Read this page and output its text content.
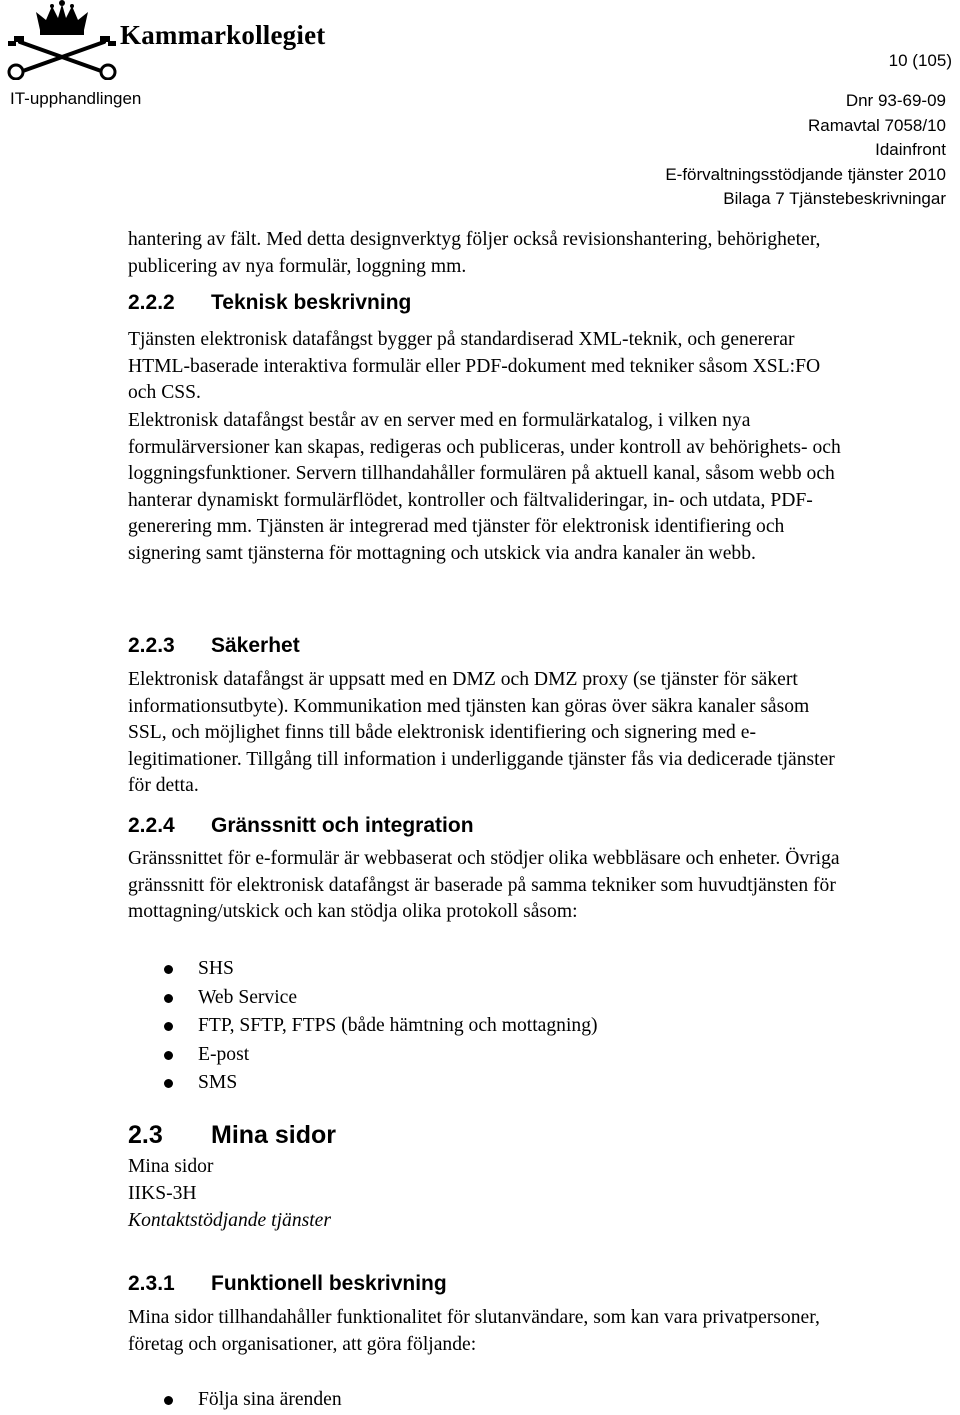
Kammarkollegiet
10 (105)
IT-upphandlingen	Dnr 93-69-09
Ramavtal 7058/10
Idainfront
E-förvaltningsstödjande tjänster 2010
Bilaga 7 Tjänstebeskrivningar

hantering av fält. Med detta designverktyg följer också revisionshantering, behörigheter, publicering av nya formulär, loggning mm.

2.2.2 Teknisk beskrivning

Tjänsten elektronisk datafångst bygger på standardiserad XML-teknik, och genererar HTML-baserade interaktiva formulär eller PDF-dokument med tekniker såsom XSL:FO och CSS.

Elektronisk datafångst består av en server med en formulärkatalog, i vilken nya formulärversioner kan skapas, redigeras och publiceras, under kontroll av behörighets- och loggningsfunktioner. Servern tillhandahåller formulären på aktuell kanal, såsom webb och hanterar dynamiskt formulärflödet, kontroller och fältvalideringar, in- och utdata, PDF-generering mm. Tjänsten är integrerad med tjänster för elektronisk identifiering och signering samt tjänsterna för mottagning och utskick via andra kanaler än webb.

2.2.3 Säkerhet

Elektronisk datafångst är uppsatt med en DMZ och DMZ proxy (se tjänster för säkert informationsutbyte). Kommunikation med tjänsten kan göras över säkra kanaler såsom SSL, och möjlighet finns till både elektronisk identifiering och signering med e-legitimationer. Tillgång till information i underliggande tjänster fås via dedicerade tjänster för detta.

2.2.4 Gränssnitt och integration

Gränssnittet för e-formulär är webbaserat och stödjer olika webbläsare och enheter. Övriga gränssnitt för elektronisk datafångst är baserade på samma tekniker som huvudtjänsten för mottagning/utskick och kan stödja olika protokoll såsom:

SHS
Web Service
FTP, SFTP, FTPS (både hämtning och mottagning)
E-post
SMS
2.3 Mina sidor
Mina sidor
IIKS-3H
Kontaktstödjande tjänster
2.3.1 Funktionell beskrivning

Mina sidor tillhandahåller funktionalitet för slutanvändare, som kan vara privatpersoner, företag och organisationer, att göra följande:

Följa sina ärenden
